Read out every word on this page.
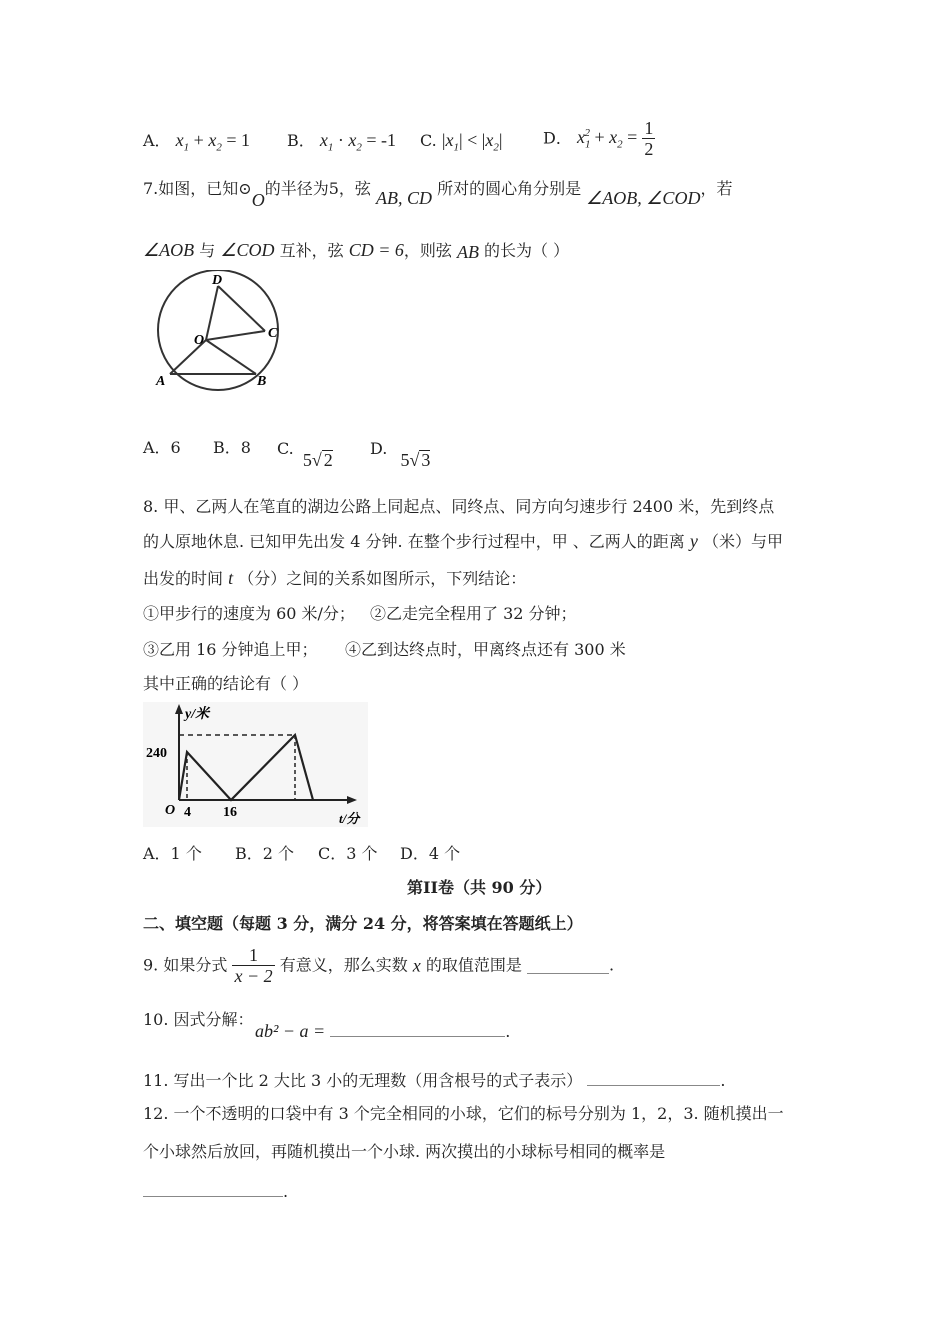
A． $x_1 + x_2 = 1$ B． $x_1 \cdot x_2 = -1$ C. $|x_1| < |x_2|$	D． $x_1^2 + x_2 = \frac{1}{2}$
7.如图，已知⊙O的半径为5，弦 AB, CD 所对的圆心角分别是 ∠AOB, ∠COD，若
∠AOB 与 ∠COD 互补，弦 CD = 6，则弦 AB 的长为（ ）
D
C
O
A	B
A．6 B．8 C. 5√ 2
D. 5√ 3
8. 甲、乙两人在笔直的湖边公路上同起点、同终点、同方向匀速步行 2400 米，先到终点
的人原地休息. 已知甲先出发 4 分钟. 在整个步行过程中，甲 、乙两人的距离 y （米）与甲
出发的时间 t （分）之间的关系如图所示，下列结论：
①甲步行的速度为 60 米/分； ②乙走完全程用了 32 分钟；
③乙用 16 分钟追上甲； ④乙到达终点时，甲离终点还有 300 米
其中正确的结论有（ ）
y/米
240
O 4 16	t/分
A．1 个 B．2 个 C．3 个 D．4 个
第II卷（共 90 分）
二、填空题（每题 3 分，满分 24 分，将答案填在答题纸上）
9. 如果分式 $\frac{1}{x - 2}$ 有意义，那么实数 x 的取值范围是	.
10. 因式分解：
ab² − a =	.
11. 写出一个比 2 大比 3 小的无理数（用含根号的式子表示）	.
12. 一个不透明的口袋中有 3 个完全相同的小球，它们的标号分别为 1，2，3. 随机摸出一
个小球然后放回，再随机摸出一个小球. 两次摸出的小球标号相同的概率是
.
